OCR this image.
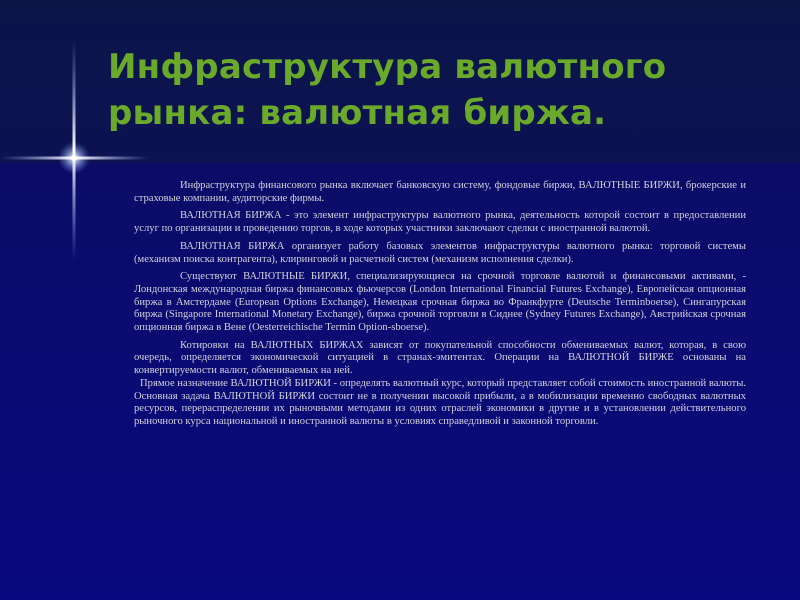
Инфраструктура валютного
рынка: валютная биржа.

Инфраструктура финансового рынка включает банковскую систему, фондовые биржи, ВАЛЮТНЫЕ БИРЖИ, брокерские и страховые компании, аудиторские фирмы.

ВАЛЮТНАЯ БИРЖА - это элемент инфраструктуры валютного рынка, деятельность которой состоит в предоставлении услуг по организации и проведению торгов, в ходе которых участники заключают сделки с иностранной валютой.

ВАЛЮТНАЯ БИРЖА организует работу базовых элементов инфраструктуры валютного рынка: торговой системы (механизм поиска контрагента), клиринговой и расчетной систем (механизм исполнения сделки).

Существуют ВАЛЮТНЫЕ БИРЖИ, специализирующиеся на срочной торговле валютой и финансовыми активами, - Лондонская международная биржа финансовых фьючерсов (London International Financial Futures Exchange), Европейская опционная биржа в Амстердаме (European Options Exchange), Немецкая срочная биржа во Франкфурте (Deutsche Terminboerse), Сингапурская биржа (Singapore International Monetary Exchange), биржа срочной торговли в Сиднее (Sydney Futures Exchange), Австрийская срочная опционная биржа в Вене (Oesterreichische Termin Option-sboerse).

Котировки на ВАЛЮТНЫХ БИРЖАХ зависят от покупательной способности обмениваемых валют, которая, в свою очередь, определяется экономической ситуацией в странах-эмитентах. Операции на ВАЛЮТНОЙ БИРЖЕ основаны на конвертируемости валют, обмениваемых на ней.

Прямое назначение ВАЛЮТНОЙ БИРЖИ - определять валютный курс, который представляет собой стоимость иностранной валюты. Основная задача ВАЛЮТНОЙ БИРЖИ состоит не в получении высокой прибыли, а в мобилизации временно свободных валютных ресурсов, перераспределении их рыночными методами из одних отраслей экономики в другие и в установлении действительного рыночного курса национальной и иностранной валюты в условиях справедливой и законной торговли.
